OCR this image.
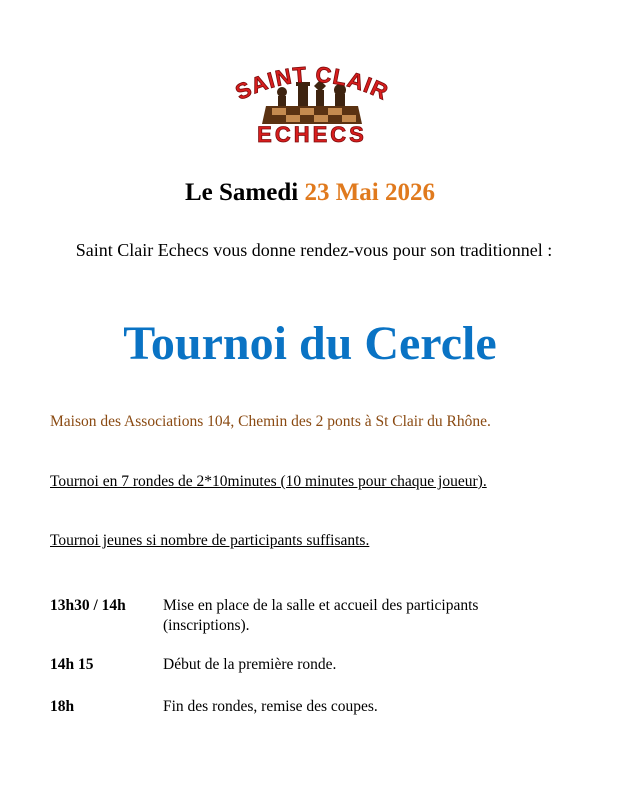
SAINT CLAIR
ECHECS
Le Samedi 23 Mai 2026
Saint Clair Echecs vous donne rendez-vous pour son traditionnel :
Tournoi du Cercle
Maison des Associations 104, Chemin des 2 ponts à St Clair du Rhône.
Tournoi en 7 rondes de 2*10minutes (10 minutes pour chaque joueur).
Tournoi jeunes si nombre de participants suffisants.
13h30 / 14h	Mise en place de la salle et accueil des participants (inscriptions).
14h 15	Début de la première ronde.
18h	Fin des rondes, remise des coupes.
